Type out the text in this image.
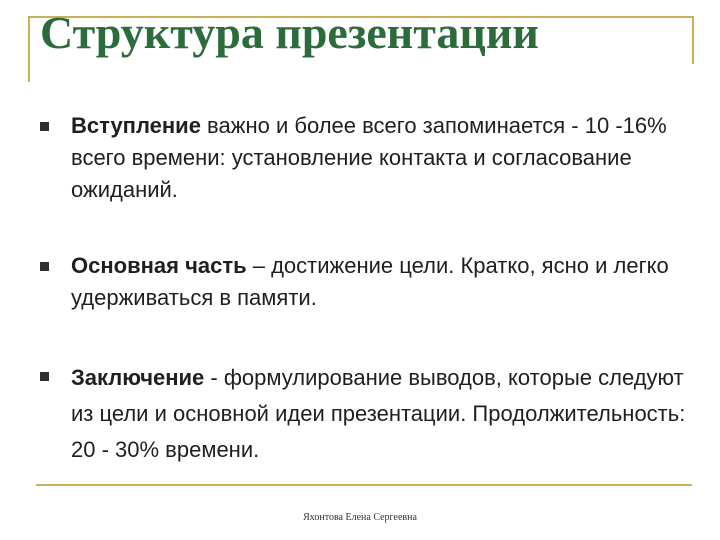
Структура презентации
Вступление важно и более всего запоминается - 10 -16% всего времени: установление контакта и согласование ожиданий.
Основная часть – достижение цели. Кратко, ясно и легко удерживаться в памяти.
Заключение - формулирование выводов, которые следуют из цели и основной идеи презентации. Продолжительность: 20 - 30% времени.
Яхонтова Елена Сергеевна
